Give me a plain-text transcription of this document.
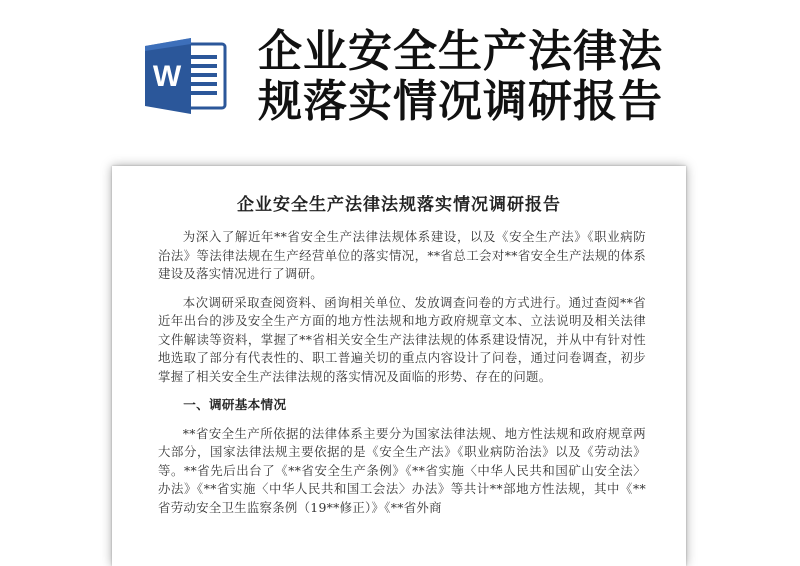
W 企业安全生产法律法
规落实情况调研报告
企业安全生产法律法规落实情况调研报告

为深入了解近年**省安全生产法律法规体系建设，以及《安全生产法》《职业病防治法》等法律法规在生产经营单位的落实情况，**省总工会对**省安全生产法规的体系建设及落实情况进行了调研。

本次调研采取查阅资料、函询相关单位、发放调查问卷的方式进行。通过查阅**省近年出台的涉及安全生产方面的地方性法规和地方政府规章文本、立法说明及相关法律文件解读等资料，掌握了**省相关安全生产法律法规的体系建设情况，并从中有针对性地选取了部分有代表性的、职工普遍关切的重点内容设计了问卷，通过问卷调查，初步掌握了相关安全生产法律法规的落实情况及面临的形势、存在的问题。

一、调研基本情况

**省安全生产所依据的法律体系主要分为国家法律法规、地方性法规和政府规章两大部分，国家法律法规主要依据的是《安全生产法》《职业病防治法》以及《劳动法》等。**省先后出台了《**省安全生产条例》《**省实施〈中华人民共和国矿山安全法〉办法》《**省实施〈中华人民共和国工会法〉办法》等共计**部地方性法规，其中《**省劳动安全卫生监察条例（19**修正）》《**省外商
